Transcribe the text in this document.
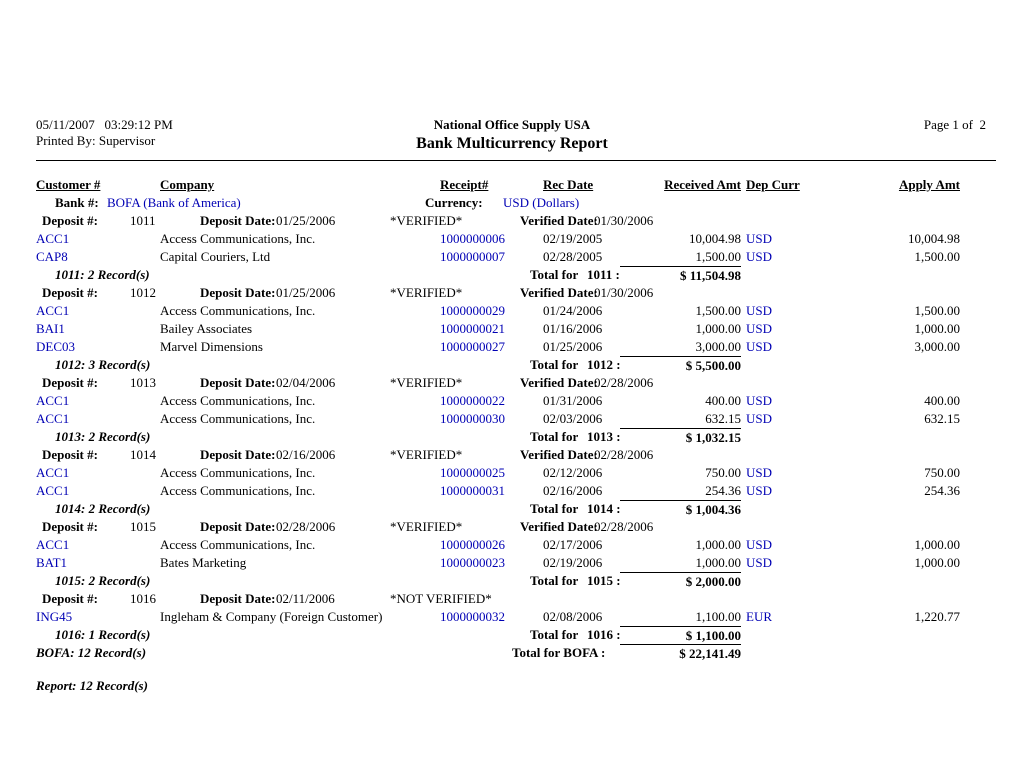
05/11/2007   03:29:12 PM
Printed By: Supervisor
National Office Supply USA
Bank Multicurrency Report
Page 1 of  2
Customer #	Company	Receipt#	Rec Date	Received Amt Dep Curr	Apply Amt
Bank #: BOFA (Bank of America)	Currency: USD (Dollars)
Deposit #: 1011	Deposit Date: 01/25/2006	*VERIFIED*	Verified Date:
01/30/2006
ACC1	Access Communications, Inc.	1000000006	02/19/2005	10,004.98 USD	10,004.98
CAP8	Capital Couriers, Ltd	1000000007	02/28/2005	1,500.00 USD	1,500.00
1011: 2 Record(s)	Total for 1011 :	$ 11,504.98
Deposit #: 1012	Deposit Date: 01/25/2006	*VERIFIED*	Verified Date:
01/30/2006
ACC1	Access Communications, Inc.	1000000029	01/24/2006	1,500.00 USD	1,500.00
BAI1	Bailey Associates	1000000021	01/16/2006	1,000.00 USD	1,000.00
DEC03	Marvel Dimensions	1000000027	01/25/2006	3,000.00 USD	3,000.00
1012: 3 Record(s)	Total for 1012 :	$ 5,500.00
Deposit #: 1013	Deposit Date: 02/04/2006	*VERIFIED*	Verified Date:
02/28/2006
ACC1	Access Communications, Inc.	1000000022	01/31/2006	400.00 USD	400.00
ACC1	Access Communications, Inc.	1000000030	02/03/2006	632.15 USD	632.15
1013: 2 Record(s)	Total for 1013 :	$ 1,032.15
Deposit #: 1014	Deposit Date: 02/16/2006	*VERIFIED*	Verified Date:
02/28/2006
ACC1	Access Communications, Inc.	1000000025	02/12/2006	750.00 USD	750.00
ACC1	Access Communications, Inc.	1000000031	02/16/2006	254.36 USD	254.36
1014: 2 Record(s)	Total for 1014 :	$ 1,004.36
Deposit #: 1015	Deposit Date: 02/28/2006	*VERIFIED*	Verified Date:
02/28/2006
ACC1	Access Communications, Inc.	1000000026	02/17/2006	1,000.00 USD	1,000.00
BAT1	Bates Marketing	1000000023	02/19/2006	1,000.00 USD	1,000.00
1015: 2 Record(s)	Total for 1015 :	$ 2,000.00
Deposit #: 1016	Deposit Date: 02/11/2006	*NOT VERIFIED*
ING45	Ingleham & Company (Foreign Customer)	1000000032	02/08/2006	1,100.00 EUR	1,220.77
1016: 1 Record(s)	Total for 1016 :	$ 1,100.00
BOFA: 12 Record(s)	Total for BOFA :	$ 22,141.49
Report: 12 Record(s)
